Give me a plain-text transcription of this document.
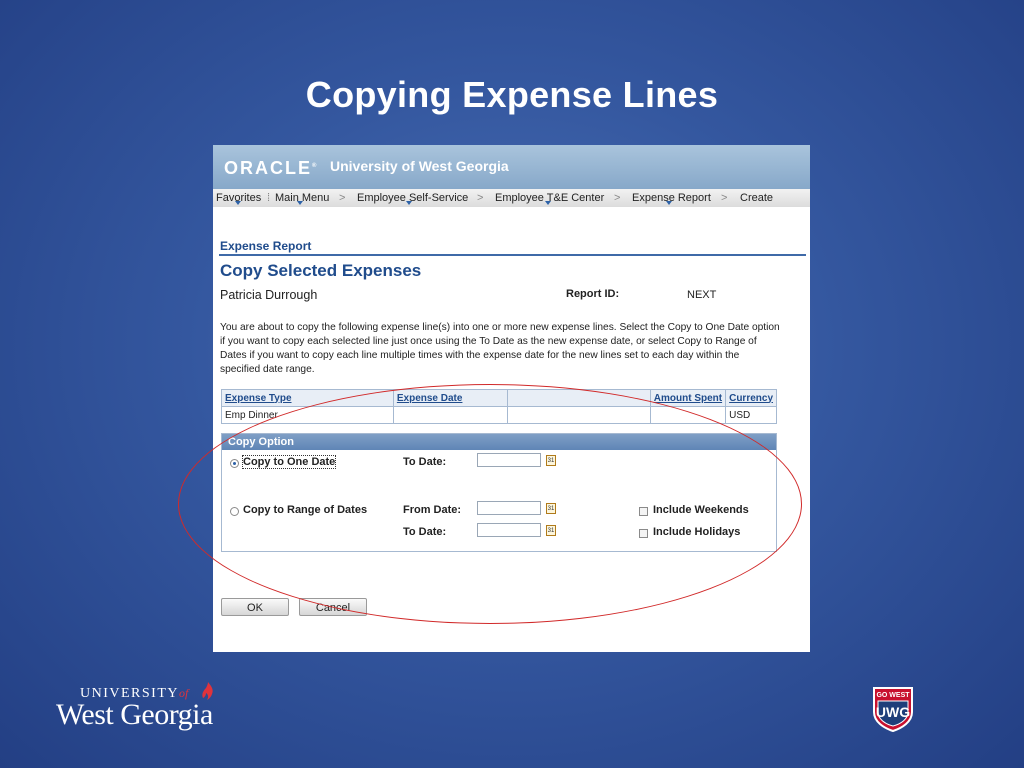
Copying Expense Lines
ORACLE® University of West Georgia
Favorites ⁞ Main Menu > Employee Self-Service > Employee T&E Center > Expense Report > Create
Expense Report
Copy Selected Expenses
Patricia Durrough	Report ID:	NEXT
You are about to copy the following expense line(s) into one or more new expense lines. Select the Copy to One Date option if you want to copy each selected line just once using the To Date as the new expense date, or select Copy to Range of Dates if you want to copy each line multiple times with the expense date for the new lines set to each day within the specified date range.
Expense Type	Expense Date		Amount Spent	Currency
Emp Dinner				USD
Copy Option
Copy to One Date	To Date:	31
Copy to Range of Dates	From Date:	31	Include Weekends
To Date:	31	Include Holidays
OK	Cancel
UNIVERSITYof
West Georgia
GO WEST
UWG
